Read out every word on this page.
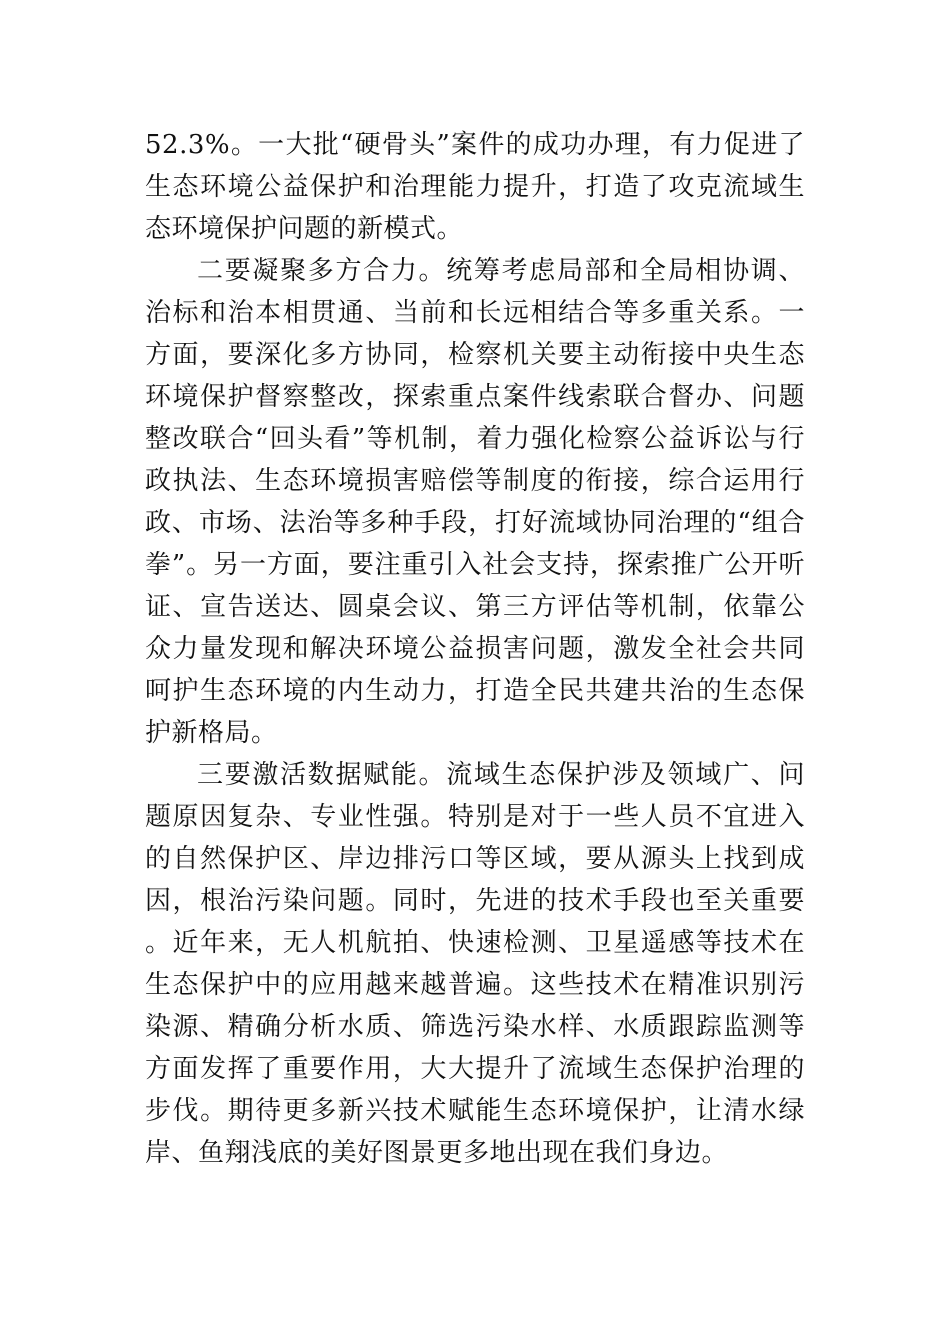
52.3%。一大批“硬骨头”案件的成功办理，有力促进了生态环境公益保护和治理能力提升，打造了攻克流域生态环境保护问题的新模式。

二要凝聚多方合力。统筹考虑局部和全局相协调、治标和治本相贯通、当前和长远相结合等多重关系。一方面，要深化多方协同，检察机关要主动衔接中央生态环境保护督察整改，探索重点案件线索联合督办、问题整改联合“回头看”等机制，着力强化检察公益诉讼与行政执法、生态环境损害赔偿等制度的衔接，综合运用行政、市场、法治等多种手段，打好流域协同治理的“组合拳”。另一方面，要注重引入社会支持，探索推广公开听证、宣告送达、圆桌会议、第三方评估等机制，依靠公众力量发现和解决环境公益损害问题，激发全社会共同呵护生态环境的内生动力，打造全民共建共治的生态保护新格局。

三要激活数据赋能。流域生态保护涉及领域广、问题原因复杂、专业性强。特别是对于一些人员不宜进入的自然保护区、岸边排污口等区域，要从源头上找到成因，根治污染问题。同时，先进的技术手段也至关重要。近年来，无人机航拍、快速检测、卫星遥感等技术在生态保护中的应用越来越普遍。这些技术在精准识别污染源、精确分析水质、筛选污染水样、水质跟踪监测等方面发挥了重要作用，大大提升了流域生态保护治理的步伐。期待更多新兴技术赋能生态环境保护，让清水绿岸、鱼翔浅底的美好图景更多地出现在我们身边。
